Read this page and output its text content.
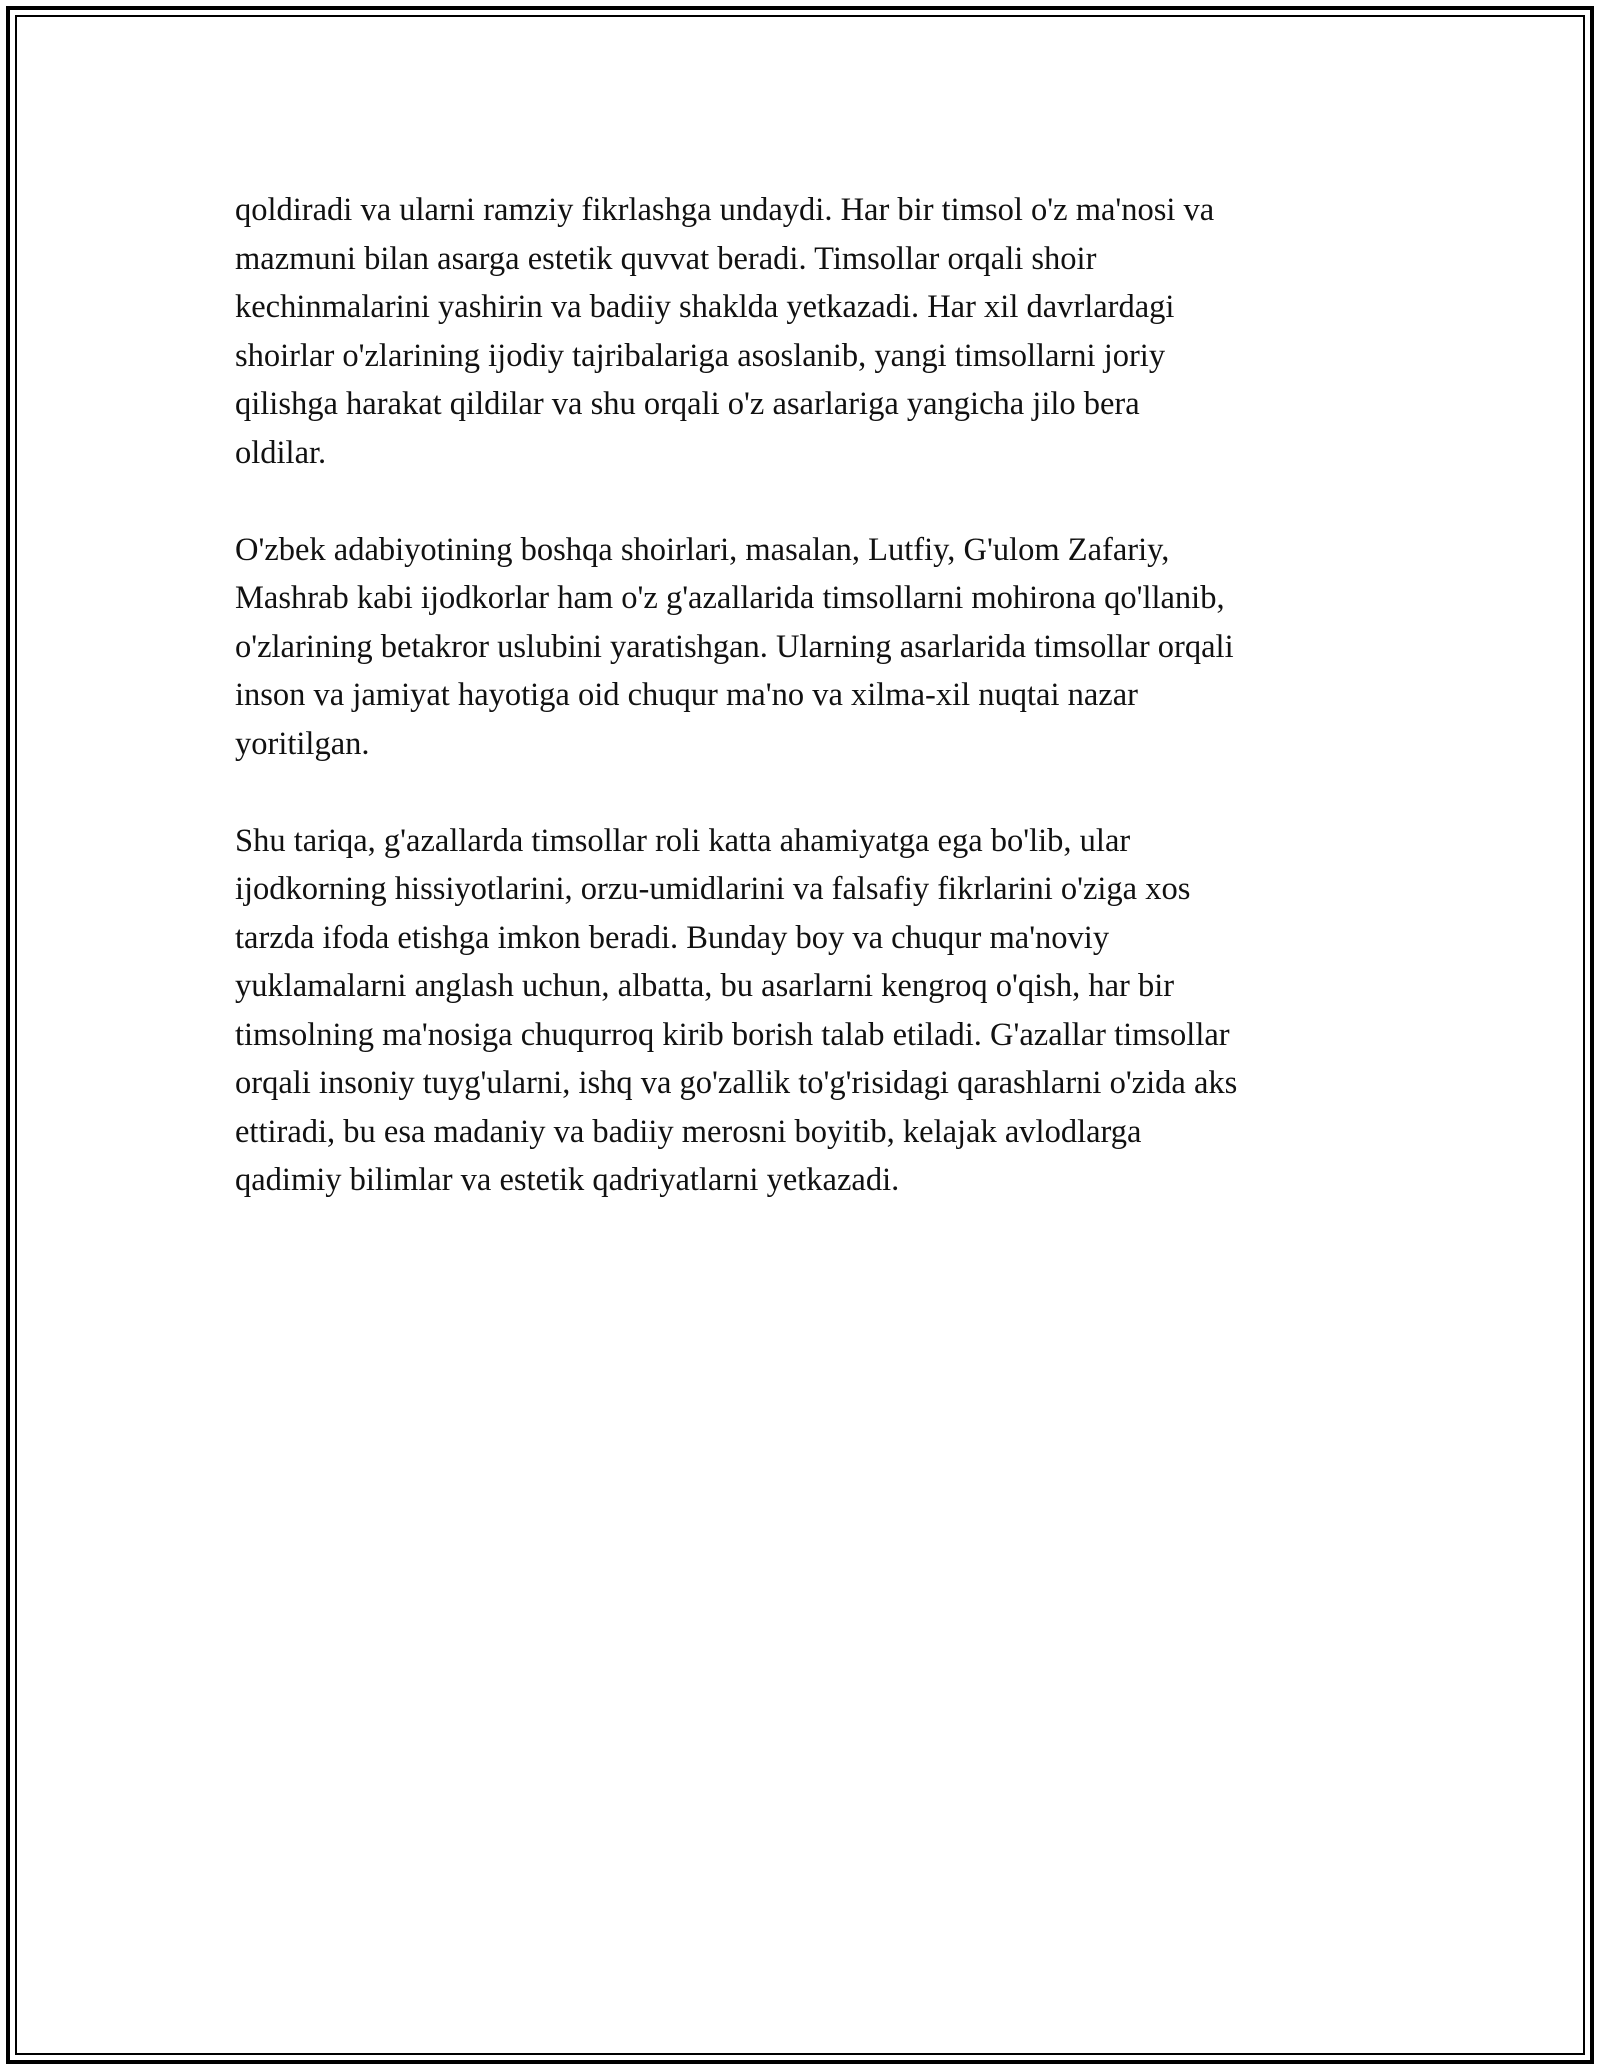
qoldiradi va ularni ramziy fikrlashga undaydi. Har bir timsol o'z ma'nosi va
mazmuni bilan asarga estetik quvvat beradi. Timsollar orqali shoir
kechinmalarini yashirin va badiiy shaklda yetkazadi. Har xil davrlardagi
shoirlar o'zlarining ijodiy tajribalariga asoslanib, yangi timsollarni joriy
qilishga harakat qildilar va shu orqali o'z asarlariga yangicha jilo bera
oldilar.

O'zbek adabiyotining boshqa shoirlari, masalan, Lutfiy, G'ulom Zafariy,
Mashrab kabi ijodkorlar ham o'z g'azallarida timsollarni mohirona qo'llanib,
o'zlarining betakror uslubini yaratishgan. Ularning asarlarida timsollar orqali
inson va jamiyat hayotiga oid chuqur ma'no va xilma-xil nuqtai nazar
yoritilgan.

Shu tariqa, g'azallarda timsollar roli katta ahamiyatga ega bo'lib, ular
ijodkorning hissiyotlarini, orzu-umidlarini va falsafiy fikrlarini o'ziga xos
tarzda ifoda etishga imkon beradi. Bunday boy va chuqur ma'noviy
yuklamalarni anglash uchun, albatta, bu asarlarni kengroq o'qish, har bir
timsolning ma'nosiga chuqurroq kirib borish talab etiladi. G'azallar timsollar
orqali insoniy tuyg'ularni, ishq va go'zallik to'g'risidagi qarashlarni o'zida aks
ettiradi, bu esa madaniy va badiiy merosni boyitib, kelajak avlodlarga
qadimiy bilimlar va estetik qadriyatlarni yetkazadi.
